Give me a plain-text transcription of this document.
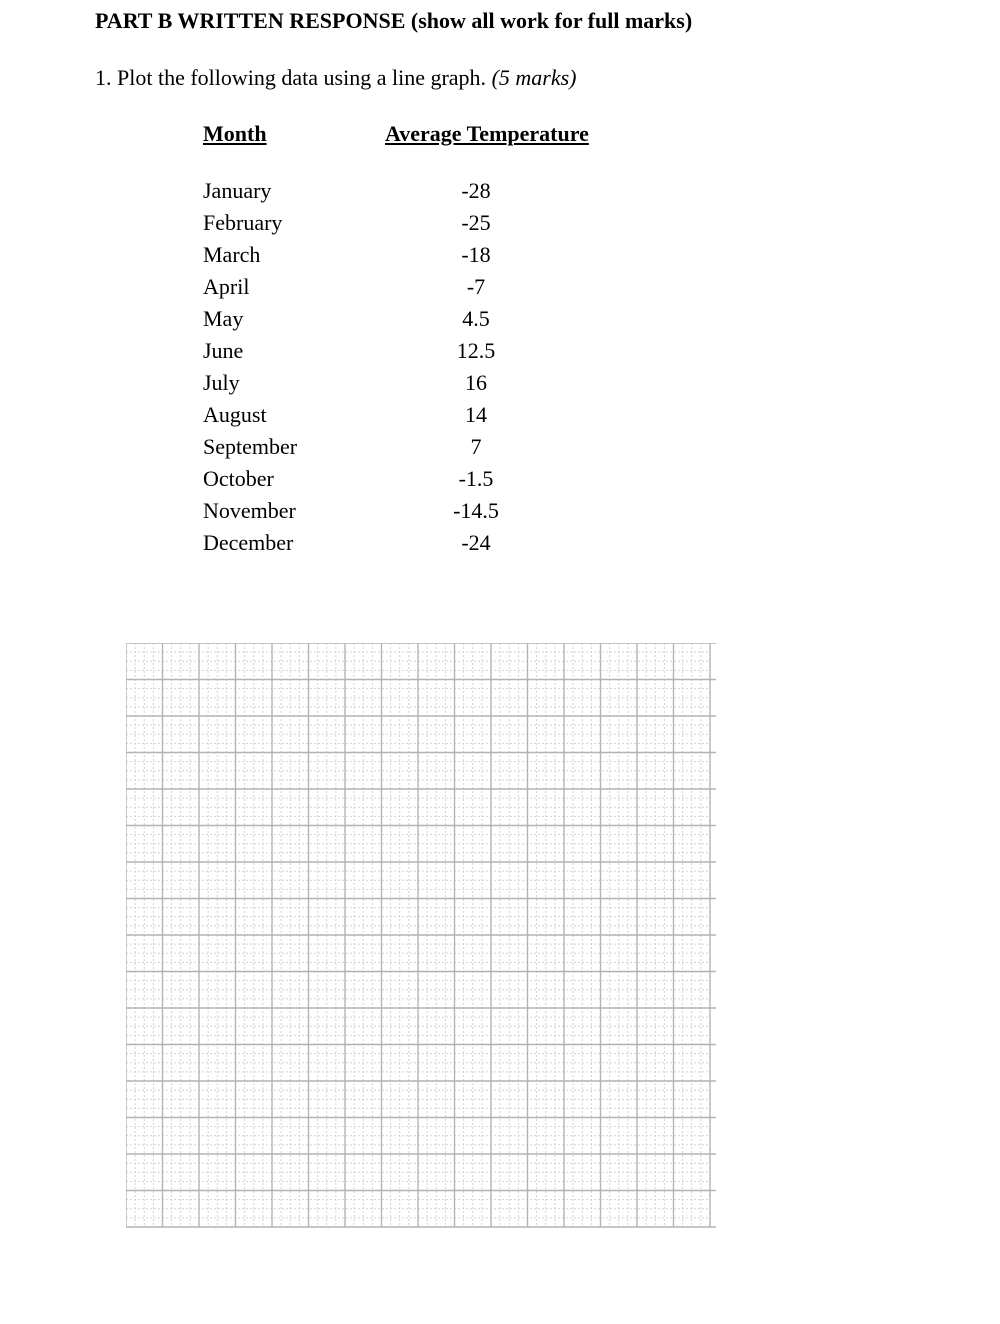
PART B WRITTEN RESPONSE (show all work for full marks)
1. Plot the following data using a line graph. (5 marks)
Month	Average Temperature
January	-28
February	-25
March	-18
April	-7
May	4.5
June	12.5
July	16
August	14
September	7
October	-1.5
November	-14.5
December	-24
